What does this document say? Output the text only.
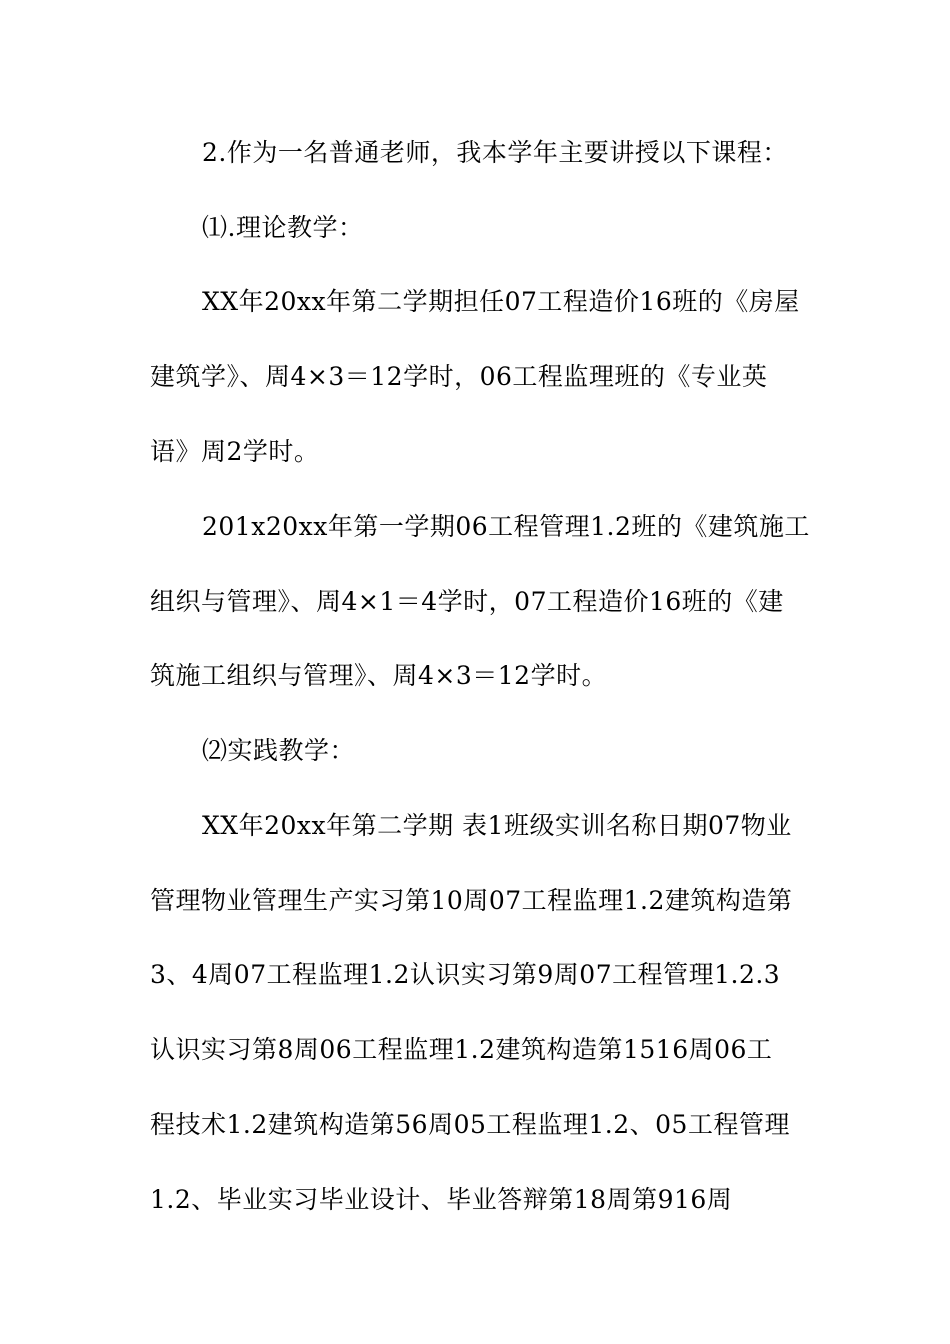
2.作为一名普通老师，我本学年主要讲授以下课程：
⑴.理论教学：
XX年20xx年第二学期担任07工程造价16班的《房屋
建筑学》、周4×3＝12学时，06工程监理班的《专业英
语》周2学时。
201x20xx年第一学期06工程管理1.2班的《建筑施工
组织与管理》、周4×1＝4学时，07工程造价16班的《建
筑施工组织与管理》、周4×3＝12学时。
⑵实践教学：
XX年20xx年第二学期 表1班级实训名称日期07物业
管理物业管理生产实习第10周07工程监理1.2建筑构造第
3、4周07工程监理1.2认识实习第9周07工程管理1.2.3
认识实习第8周06工程监理1.2建筑构造第1516周06工
程技术1.2建筑构造第56周05工程监理1.2、05工程管理
1.2、毕业实习毕业设计、毕业答辩第18周第916周
